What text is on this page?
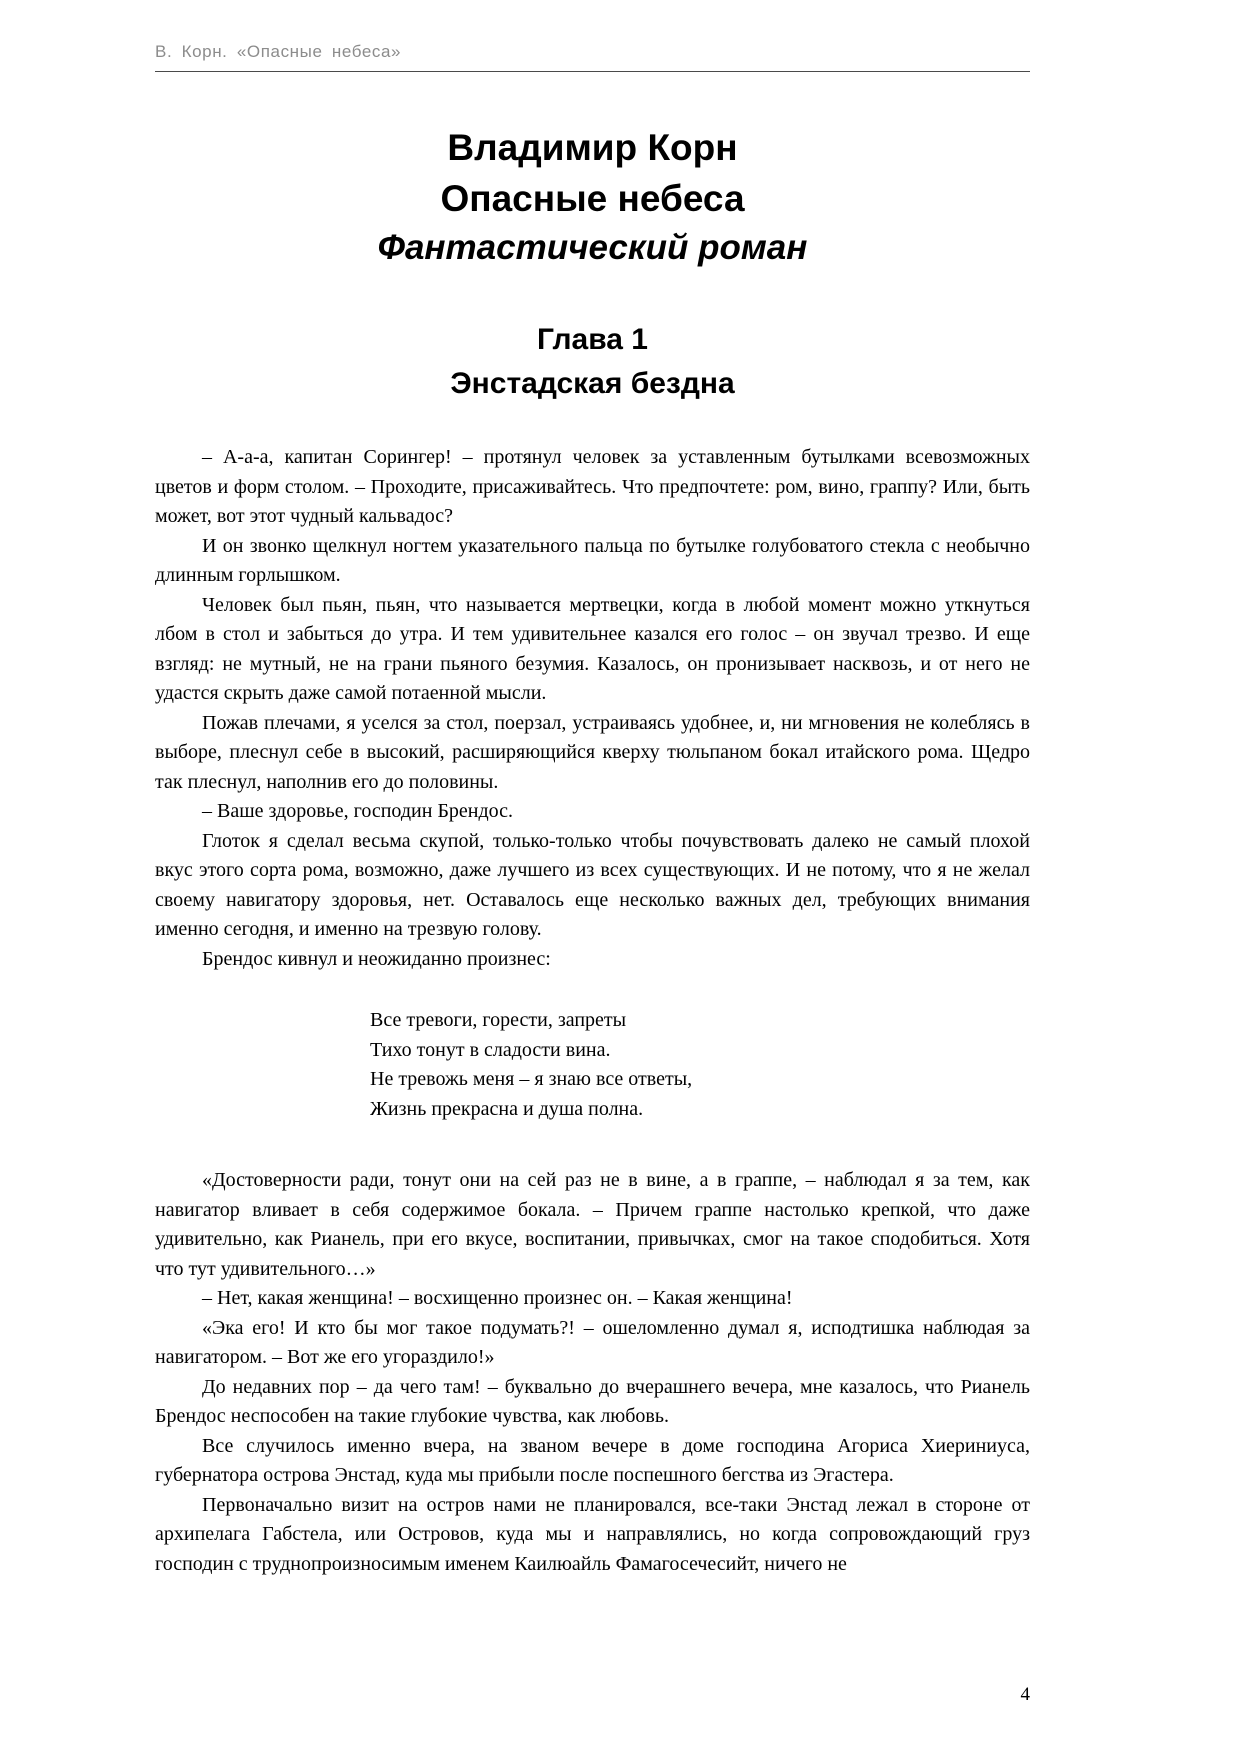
В. Корн. «Опасные небеса»
Владимир Корн
Опасные небеса
Фантастический роман
Глава 1
Энстадская бездна

– А-а-а, капитан Сорингер! – протянул человек за уставленным бутылками всевозможных цветов и форм столом. – Проходите, присаживайтесь. Что предпочтете: ром, вино, граппу? Или, быть может, вот этот чудный кальвадос?

И он звонко щелкнул ногтем указательного пальца по бутылке голубоватого стекла с необычно длинным горлышком.

Человек был пьян, пьян, что называется мертвецки, когда в любой момент можно уткнуться лбом в стол и забыться до утра. И тем удивительнее казался его голос – он звучал трезво. И еще взгляд: не мутный, не на грани пьяного безумия. Казалось, он пронизывает насквозь, и от него не удастся скрыть даже самой потаенной мысли.

Пожав плечами, я уселся за стол, поерзал, устраиваясь удобнее, и, ни мгновения не колеблясь в выборе, плеснул себе в высокий, расширяющийся кверху тюльпаном бокал итайского рома. Щедро так плеснул, наполнив его до половины.

– Ваше здоровье, господин Брендос.

Глоток я сделал весьма скупой, только-только чтобы почувствовать далеко не самый плохой вкус этого сорта рома, возможно, даже лучшего из всех существующих. И не потому, что я не желал своему навигатору здоровья, нет. Оставалось еще несколько важных дел, требующих внимания именно сегодня, и именно на трезвую голову.

Брендос кивнул и неожиданно произнес:

Все тревоги, горести, запреты
Тихо тонут в сладости вина.
Не тревожь меня – я знаю все ответы,
Жизнь прекрасна и душа полна.

«Достоверности ради, тонут они на сей раз не в вине, а в граппе, – наблюдал я за тем, как навигатор вливает в себя содержимое бокала. – Причем граппе настолько крепкой, что даже удивительно, как Рианель, при его вкусе, воспитании, привычках, смог на такое сподобиться. Хотя что тут удивительного…»

– Нет, какая женщина! – восхищенно произнес он. – Какая женщина!

«Эка его! И кто бы мог такое подумать?! – ошеломленно думал я, исподтишка наблюдая за навигатором. – Вот же его угораздило!»

До недавних пор – да чего там! – буквально до вчерашнего вечера, мне казалось, что Рианель Брендос неспособен на такие глубокие чувства, как любовь.

Все случилось именно вчера, на званом вечере в доме господина Агориса Хиериниуса, губернатора острова Энстад, куда мы прибыли после поспешного бегства из Эгастера.

Первоначально визит на остров нами не планировался, все-таки Энстад лежал в стороне от архипелага Габстела, или Островов, куда мы и направлялись, но когда сопровождающий груз господин с труднопроизносимым именем Каилюайль Фамагосечесийт, ничего не

4
